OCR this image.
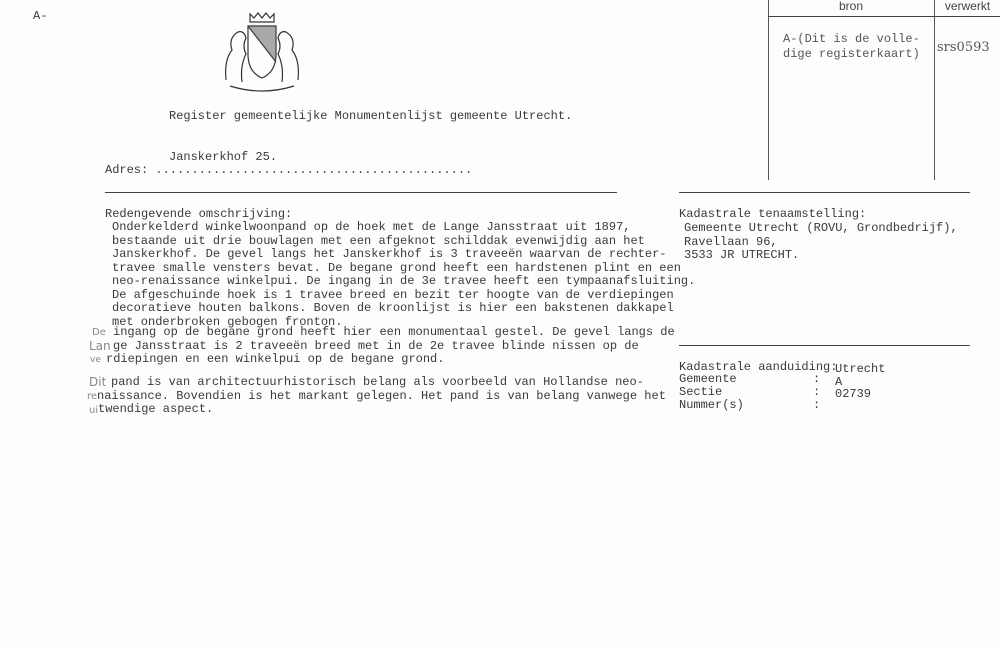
A-
Register gemeentelijke Monumentenlijst gemeente Utrecht.
Janskerkhof 25.
Adres: ............................................
bron	verwerkt
A-(Dit is de volle-
dige registerkaart) srs0593
Redengevende omschrijving:
Onderkelderd winkelwoonpand op de hoek met de Lange Jansstraat uit 1897,
bestaande uit drie bouwlagen met een afgeknot schilddak evenwijdig aan het
Janskerkhof. De gevel langs het Janskerkhof is 3 traveeën waarvan de rechter-
travee smalle vensters bevat. De begane grond heeft een hardstenen plint en een
neo-renaissance winkelpui. De ingang in de 3e travee heeft een tympaanafsluiting.
De afgeschuinde hoek is 1 travee breed en bezit ter hoogte van de verdiepingen
decoratieve houten balkons. Boven de kroonlijst is hier een bakstenen dakkapel
met onderbroken gebogen fronton.
De
Lan
ve
ingang op de begane grond heeft hier een monumentaal gestel. De gevel langs de
ge Jansstraat is 2 traveeën breed met in de 2e travee blinde nissen op de
rdiepingen en een winkelpui op de begane grond.
Dit
re
ui
pand is van architectuurhistorisch belang als voorbeeld van Hollandse neo-
naissance. Bovendien is het markant gelegen. Het pand is van belang vanwege het
twendige aspect.
Kadastrale tenaamstelling:
Gemeente Utrecht (ROVU, Grondbedrijf),
Ravellaan 96,
3533 JR UTRECHT.
Kadastrale aanduiding:
Utrecht
Gemeente	: A
Sectie	: 02739
Nummer(s)	:
